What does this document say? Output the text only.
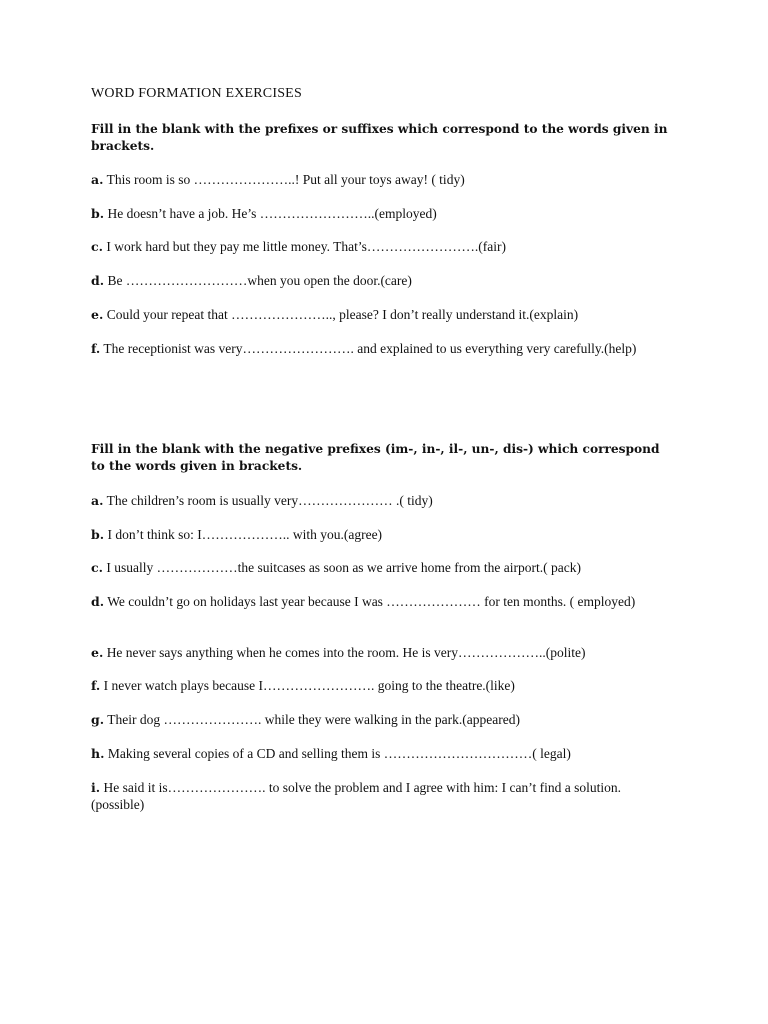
WORD FORMATION EXERCISES
Fill in the blank with the prefixes or suffixes which correspond to the words given in brackets.
a. This room is so …………………..! Put all your toys away! ( tidy)
b. He doesn’t have a job. He’s ……………………..(employed)
c. I work hard but they pay me little money. That’s…………………….(fair)
d. Be ………………………when you open the door.(care)
e. Could your repeat that ………………….., please? I don’t really understand it.(explain)
f. The receptionist was very……………………. and explained to us everything very carefully.(help)
Fill in the blank with the negative prefixes (im-, in-, il-, un-, dis-) which correspond to the words given in brackets.
a. The children’s room is usually very………………… .( tidy)
b. I don’t think so: I……………….. with you.(agree)
c. I usually ………………the suitcases as soon as we arrive home from the airport.( pack)
d. We couldn’t go on holidays last year because I was ………………… for ten months. ( employed)
e. He never says anything when he comes into the room. He is very………………..(polite)
f. I never watch plays because I……………………. going to the theatre.(like)
g. Their dog …………………. while they were walking in the park.(appeared)
h. Making several copies of a CD and selling them is ……………………………( legal)
i. He said it is…………………. to solve the problem and I agree with him: I can’t find a solution.(possible)
